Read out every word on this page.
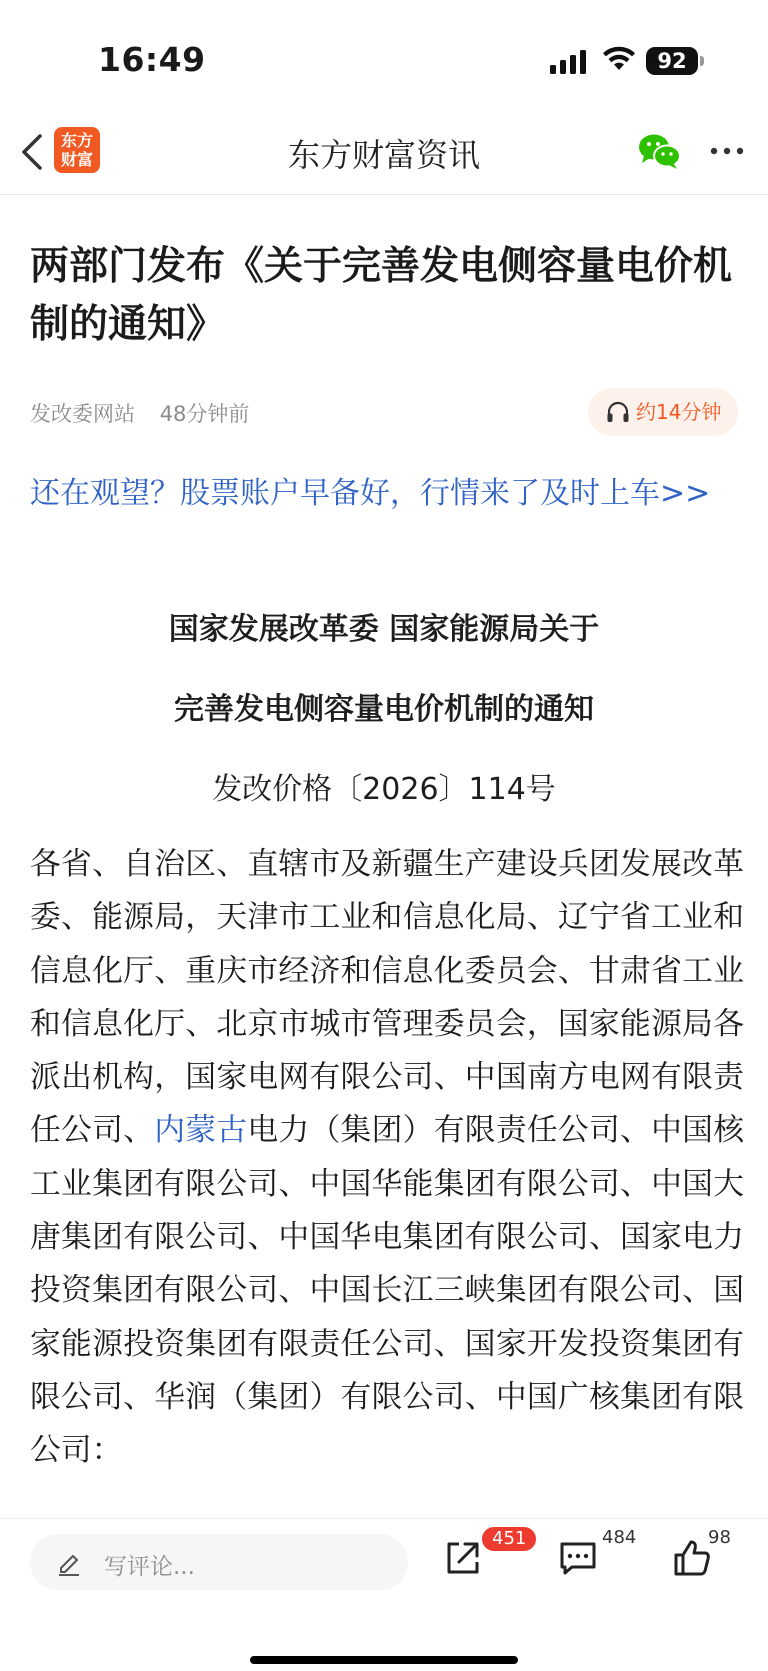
16:49	92
东方
财富	东方财富资讯
两部门发布《关于完善发电侧容量电价机制的通知》
发改委网站 48分钟前	约14分钟
还在观望？股票账户早备好，行情来了及时上车>>
国家发展改革委 国家能源局关于
完善发电侧容量电价机制的通知
发改价格〔2026〕114号
各省、自治区、直辖市及新疆生产建设兵团发展改革委、能源局，天津市工业和信息化局、辽宁省工业和信息化厅、重庆市经济和信息化委员会、甘肃省工业和信息化厅、北京市城市管理委员会，国家能源局各派出机构，国家电网有限公司、中国南方电网有限责任公司、内蒙古电力（集团）有限责任公司、中国核工业集团有限公司、中国华能集团有限公司、中国大唐集团有限公司、中国华电集团有限公司、国家电力投资集团有限公司、中国长江三峡集团有限公司、国家能源投资集团有限责任公司、国家开发投资集团有限公司、华润（集团）有限公司、中国广核集团有限公司：
写评论...
451	484	98
